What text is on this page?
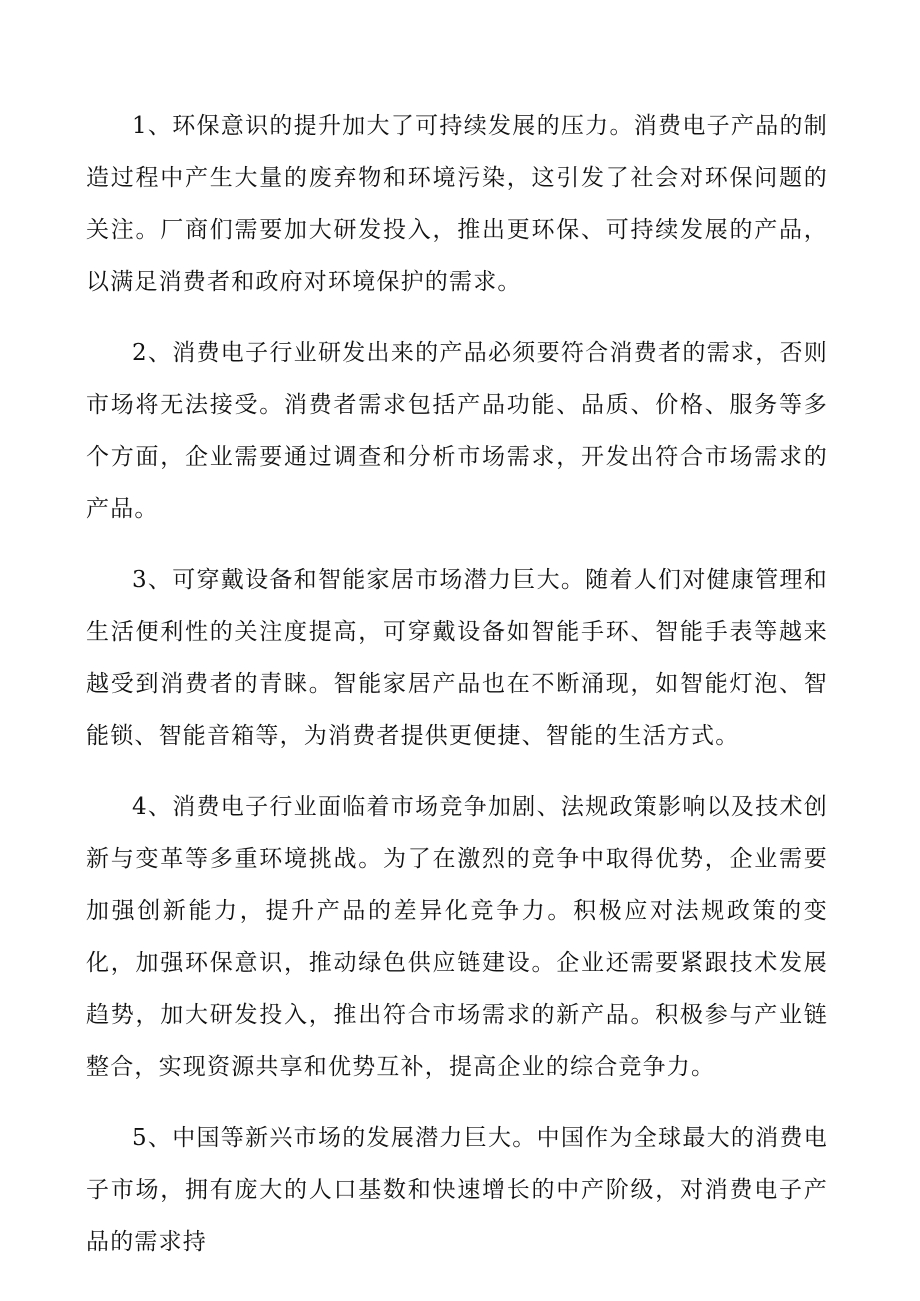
1、环保意识的提升加大了可持续发展的压力。消费电子产品的制造过程中产生大量的废弃物和环境污染，这引发了社会对环保问题的关注。厂商们需要加大研发投入，推出更环保、可持续发展的产品，以满足消费者和政府对环境保护的需求。

2、消费电子行业研发出来的产品必须要符合消费者的需求，否则市场将无法接受。消费者需求包括产品功能、品质、价格、服务等多个方面，企业需要通过调查和分析市场需求，开发出符合市场需求的产品。

3、可穿戴设备和智能家居市场潜力巨大。随着人们对健康管理和生活便利性的关注度提高，可穿戴设备如智能手环、智能手表等越来越受到消费者的青睐。智能家居产品也在不断涌现，如智能灯泡、智能锁、智能音箱等，为消费者提供更便捷、智能的生活方式。

4、消费电子行业面临着市场竞争加剧、法规政策影响以及技术创新与变革等多重环境挑战。为了在激烈的竞争中取得优势，企业需要加强创新能力，提升产品的差异化竞争力。积极应对法规政策的变化，加强环保意识，推动绿色供应链建设。企业还需要紧跟技术发展趋势，加大研发投入，推出符合市场需求的新产品。积极参与产业链整合，实现资源共享和优势互补，提高企业的综合竞争力。

5、中国等新兴市场的发展潜力巨大。中国作为全球最大的消费电子市场，拥有庞大的人口基数和快速增长的中产阶级，对消费电子产品的需求持
